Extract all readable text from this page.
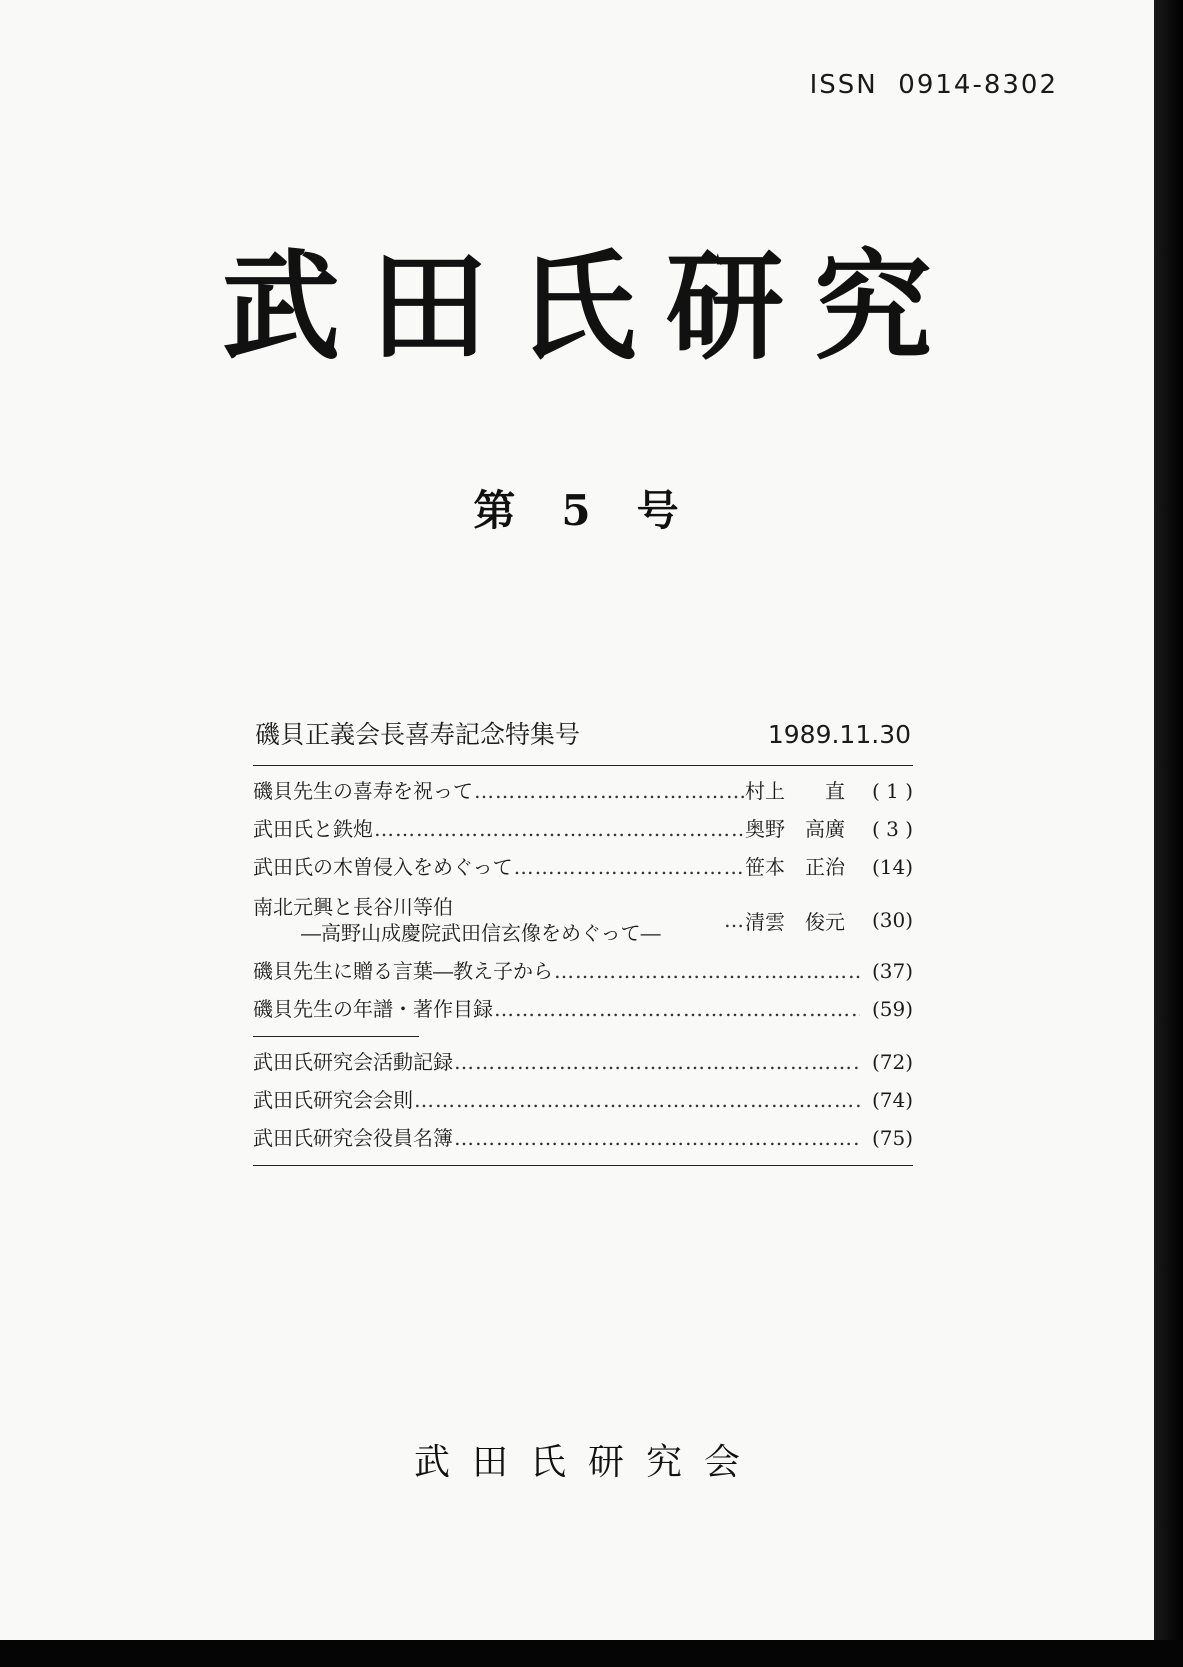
ISSN  0914-8302
武田氏研究
第　5　号
磯貝正義会長喜寿記念特集号	1989.11.30
磯貝先生の喜寿を祝って …………………………………………………………………………………………………………………………………	村上　　直	( 1 )
武田氏と鉄炮 …………………………………………………………………………………………………………………………………	奥野　高廣	( 3 )
武田氏の木曽侵入をめぐって …………………………………………………………………………………………………………………………………	笹本　正治	(14)
南北元興と長谷川等伯
―高野山成慶院武田信玄像をめぐって―
… 清雲　俊元	(30)
磯貝先生に贈る言葉―教え子から …………………………………………………………………………………………………………………………………	(37)
磯貝先生の年譜・著作目録 …………………………………………………………………………………………………………………………………	(59)
武田氏研究会活動記録 …………………………………………………………………………………………………………………………………	(72)
武田氏研究会会則 …………………………………………………………………………………………………………………………………	(74)
武田氏研究会役員名簿 …………………………………………………………………………………………………………………………………	(75)
武田氏研究会
